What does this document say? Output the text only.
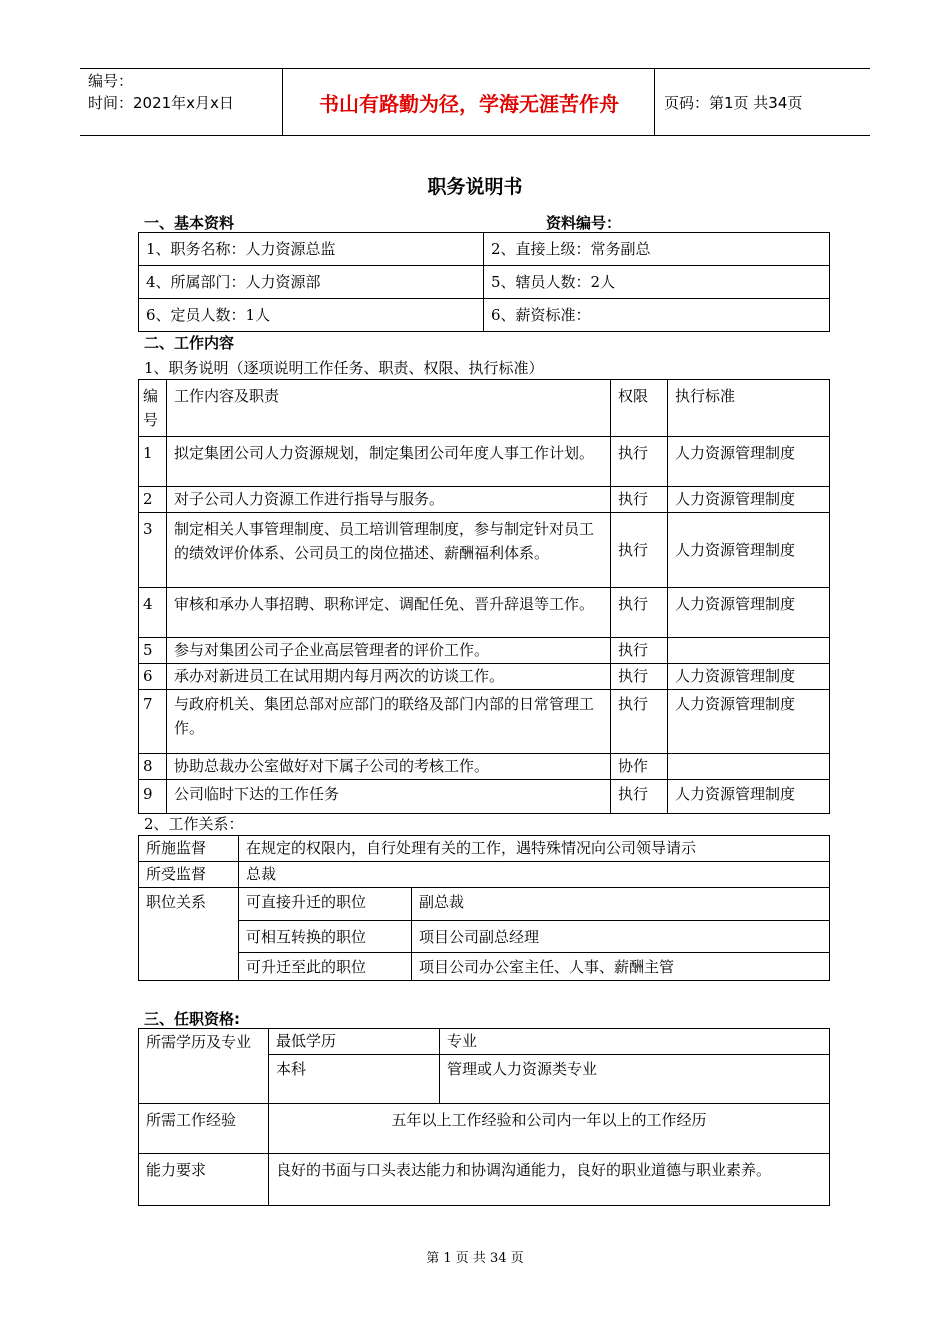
编号：
时间：2021年x月x日	书山有路勤为径，学海无涯苦作舟	页码：第1页 共34页
职务说明书
一、基本资料	资料编号：
1、职务名称：人力资源总监	2、直接上级：常务副总
4、所属部门：人力资源部	5、辖员人数：2人
6、定员人数：1人	6、薪资标准：
二、工作内容
1、职务说明（逐项说明工作任务、职责、权限、执行标准）
编号	工作内容及职责	权限	执行标准
1	拟定集团公司人力资源规划，制定集团公司年度人事工作计划。	执行	人力资源管理制度
2	对子公司人力资源工作进行指导与服务。	执行	人力资源管理制度
3	制定相关人事管理制度、员工培训管理制度，参与制定针对员工的绩效评价体系、公司员工的岗位描述、薪酬福利体系。	执行	人力资源管理制度
4	审核和承办人事招聘、职称评定、调配任免、晋升辞退等工作。	执行	人力资源管理制度
5	参与对集团公司子企业高层管理者的评价工作。	执行	
6	承办对新进员工在试用期内每月两次的访谈工作。	执行	人力资源管理制度
7	与政府机关、集团总部对应部门的联络及部门内部的日常管理工作。	执行	人力资源管理制度
8	协助总裁办公室做好对下属子公司的考核工作。	协作	
9	公司临时下达的工作任务	执行	人力资源管理制度
2、工作关系：
所施监督	在规定的权限内，自行处理有关的工作，遇特殊情况向公司领导请示	
所受监督	总裁	
职位关系	可直接升迁的职位	副总裁
	可相互转换的职位	项目公司副总经理
	可升迁至此的职位	项目公司办公室主任、人事、薪酬主管
三、任职资格:
所需学历及专业	最低学历	专业
	本科	管理或人力资源类专业
所需工作经验	五年以上工作经验和公司内一年以上的工作经历	
能力要求	良好的书面与口头表达能力和协调沟通能力，良好的职业道德与职业素养。	
第 1 页 共 34 页
